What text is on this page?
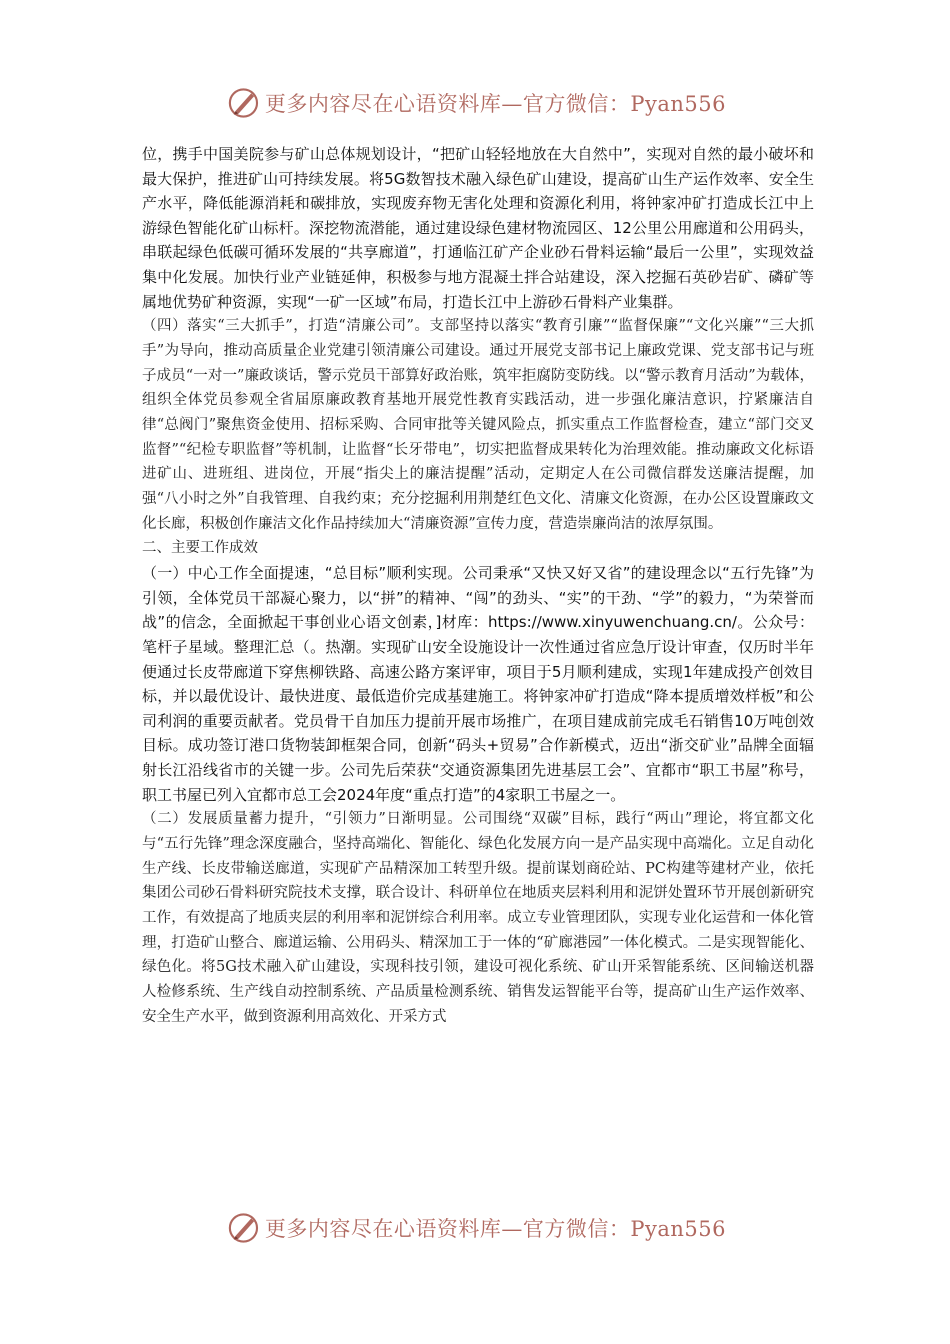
更多内容尽在心语资料库—官方微信：Pyan556

位，携手中国美院参与矿山总体规划设计，“把矿山轻轻地放在大自然中”，实现对自然的最小破坏和最大保护，推进矿山可持续发展。将5G数智技术融入绿色矿山建设，提高矿山生产运作效率、安全生产水平，降低能源消耗和碳排放，实现废弃物无害化处理和资源化利用，将钟家冲矿打造成长江中上游绿色智能化矿山标杆。深挖物流潜能，通过建设绿色建材物流园区、12公里公用廊道和公用码头，串联起绿色低碳可循环发展的“共享廊道”，打通临江矿产企业砂石骨料运输“最后一公里”，实现效益集中化发展。加快行业产业链延伸，积极参与地方混凝土拌合站建设，深入挖掘石英砂岩矿、磷矿等属地优势矿种资源，实现“一矿一区域”布局，打造长江中上游砂石骨料产业集群。

（四）落实“三大抓手”，打造“清廉公司”。支部坚持以落实“教育引廉”“监督保廉”“文化兴廉”“三大抓手”为导向，推动高质量企业党建引领清廉公司建设。通过开展党支部书记上廉政党课、党支部书记与班子成员“一对一”廉政谈话，警示党员干部算好政治账，筑牢拒腐防变防线。以“警示教育月活动”为载体，组织全体党员参观全省届原廉政教育基地开展党性教育实践活动，进一步强化廉洁意识，拧紧廉洁自律“总阀门”聚焦资金使用、招标采购、合同审批等关键风险点，抓实重点工作监督检查，建立“部门交叉监督”“纪检专职监督”等机制，让监督“长牙带电”，切实把监督成果转化为治理效能。推动廉政文化标语进矿山、进班组、进岗位，开展“指尖上的廉洁提醒”活动，定期定人在公司微信群发送廉洁提醒，加强“八小时之外”自我管理、自我约束；充分挖掘利用荆楚红色文化、清廉文化资源，在办公区设置廉政文化长廊，积极创作廉洁文化作品持续加大“清廉资源”宣传力度，营造崇廉尚洁的浓厚氛围。

二、主要工作成效

（一）中心工作全面提速，“总目标”顺利实现。公司秉承“又快又好又省”的建设理念以“五行先锋”为引领，全体党员干部凝心聚力，以“拼”的精神、“闯”的劲头、“实”的干劲、“学”的毅力，“为荣誉而战”的信念，全面掀起干事创业心语文创素，]材库：https://www.xinyuwenchuang.cn/。公众号：笔杆子星域。整理汇总（。热潮。实现矿山安全设施设计一次性通过省应急厅设计审查，仅历时半年便通过长皮带廊道下穿焦柳铁路、高速公路方案评审，项目于5月顺利建成，实现1年建成投产创效目标，并以最优设计、最快进度、最低造价完成基建施工。将钟家冲矿打造成“降本提质增效样板”和公司利润的重要贡献者。党员骨干自加压力提前开展市场推广，在项目建成前完成毛石销售10万吨创效目标。成功签订港口货物装卸框架合同，创新“码头+贸易”合作新模式，迈出“浙交矿业”品牌全面辐射长江沿线省市的关键一步。公司先后荣获“交通资源集团先进基层工会”、宜都市“职工书屋”称号，职工书屋已列入宜都市总工会2024年度“重点打造”的4家职工书屋之一。

（二）发展质量蓄力提升，“引领力”日渐明显。公司围绕“双碳”目标，践行“两山”理论，将宜都文化与“五行先锋”理念深度融合，坚持高端化、智能化、绿色化发展方向一是产品实现中高端化。立足自动化生产线、长皮带输送廊道，实现矿产品精深加工转型升级。提前谋划商砼站、PC构建等建材产业，依托集团公司砂石骨料研究院技术支撑，联合设计、科研单位在地质夹层料利用和泥饼处置环节开展创新研究工作，有效提高了地质夹层的利用率和泥饼综合利用率。成立专业管理团队，实现专业化运营和一体化管理，打造矿山整合、廊道运输、公用码头、精深加工于一体的“矿廊港园”一体化模式。二是实现智能化、绿色化。将5G技术融入矿山建设，实现科技引领，建设可视化系统、矿山开采智能系统、区间输送机器人检修系统、生产线自动控制系统、产品质量检测系统、销售发运智能平台等，提高矿山生产运作效率、安全生产水平，做到资源利用高效化、开采方式

更多内容尽在心语资料库—官方微信：Pyan556
